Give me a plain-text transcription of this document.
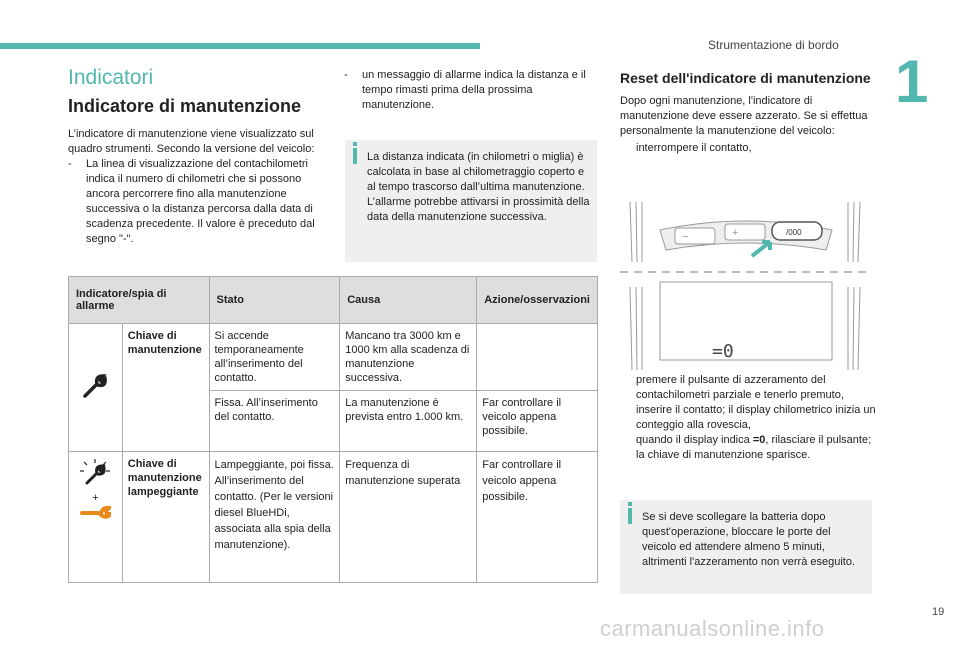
Strumentazione di bordo
1
Indicatori
Indicatore di manutenzione

L’indicatore di manutenzione viene visualizzato sul quadro strumenti. Secondo la versione del veicolo:

-	La linea di visualizzazione del contachilometri indica il numero di chilometri che si possono ancora percorrere fino alla manutenzione successiva o la distanza percorsa dalla data di scadenza precedente. Il valore è preceduto dal segno "-".
-	un messaggio di allarme indica la distanza e il tempo rimasti prima della prossima manutenzione.
La distanza indicata (in chilometri o miglia) è calcolata in base al chilometraggio coperto e al tempo trascorso dall’ultima manutenzione. L’allarme potrebbe attivarsi in prossimità della data della manutenzione successiva.
Reset dell'indicatore di manutenzione

Dopo ogni manutenzione, l'indicatore di manutenzione deve essere azzerato. Se si effettua personalmente la manutenzione del veicolo:

interrompere il contatto,
−	+	/000
=0
premere il pulsante di azzeramento del contachilometri parziale e tenerlo premuto,
inserire il contatto; il display chilometrico inizia un conteggio alla rovescia,
quando il display indica =0, rilasciare il pulsante; la chiave di manutenzione sparisce.
Se si deve scollegare la batteria dopo quest'operazione, bloccare le porte del veicolo ed attendere almeno 5 minuti, altrimenti l'azzeramento non verrà eseguito.
Indicatore/spia di allarme		Stato	Causa	Azione/osservazioni
	Chiave di manutenzione	Si accende temporaneamente all’inserimento del contatto.	Mancano tra 3000 km e 1000 km alla scadenza di manutenzione successiva.	
		Fissa. All’inserimento del contatto.	La manutenzione è prevista entro 1.000 km.	Far controllare il veicolo appena possibile.

+	Chiave di manutenzione lampeggiante	Lampeggiante, poi fissa. All’inserimento del contatto. (Per le versioni diesel BlueHDi, associata alla spia della manutenzione).	Frequenza di manutenzione superata	Far controllare il veicolo appena possibile.
19
carmanualsonline.info
